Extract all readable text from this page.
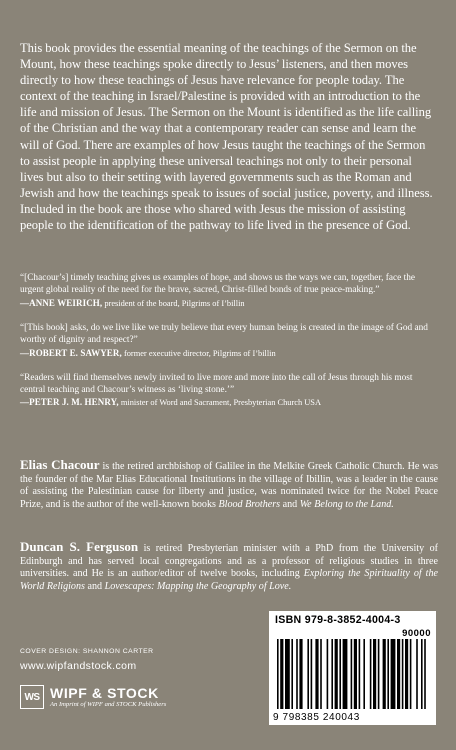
This book provides the essential meaning of the teachings of the Sermon on the Mount, how these teachings spoke directly to Jesus’ listeners, and then moves directly to how these teachings of Jesus have relevance for people today. The context of the teaching in Israel/Palestine is provided with an introduction to the life and mission of Jesus. The Sermon on the Mount is identified as the life calling of the Christian and the way that a contemporary reader can sense and learn the will of God. There are examples of how Jesus taught the teachings of the Sermon to assist people in applying these universal teachings not only to their personal lives but also to their setting with layered governments such as the Roman and Jewish and how the teachings speak to issues of social justice, poverty, and illness. Included in the book are those who shared with Jesus the mission of assisting people to the identification of the pathway to life lived in the presence of God.

“[Chacour’s] timely teaching gives us examples of hope, and shows us the ways we can, together, face the urgent global reality of the need for the brave, sacred, Christ-filled bonds of true peace-making.”

—ANNE WEIRICH, president of the board, Pilgrims of I’billin

“[This book] asks, do we live like we truly believe that every human being is created in the image of God and worthy of dignity and respect?”

—ROBERT E. SAWYER, former executive director, Pilgrims of I’billin

“Readers will find themselves newly invited to live more and more into the call of Jesus through his most central teaching and Chacour’s witness as ‘living stone.’”

—PETER J. M. HENRY, minister of Word and Sacrament, Presbyterian Church USA

Elias Chacour is the retired archbishop of Galilee in the Melkite Greek Catholic Church. He was the founder of the Mar Elias Educational Institutions in the village of Ibillin, was a leader in the cause of assisting the Palestinian cause for liberty and justice, was nominated twice for the Nobel Peace Prize, and is the author of the well-known books Blood Brothers and We Belong to the Land.

Duncan S. Ferguson is retired Presbyterian minister with a PhD from the University of Edinburgh and has served local congregations and as a professor of religious studies in three universities. and He is an author/editor of twelve books, including Exploring the Spirituality of the World Religions and Lovescapes: Mapping the Geography of Love.

COVER DESIGN: SHANNON CARTER
www.wipfandstock.com
WS WIPF & STOCK
An Imprint of WIPF and STOCK Publishers
ISBN 979-8-3852-4004-3
90000
9 798385 240043
